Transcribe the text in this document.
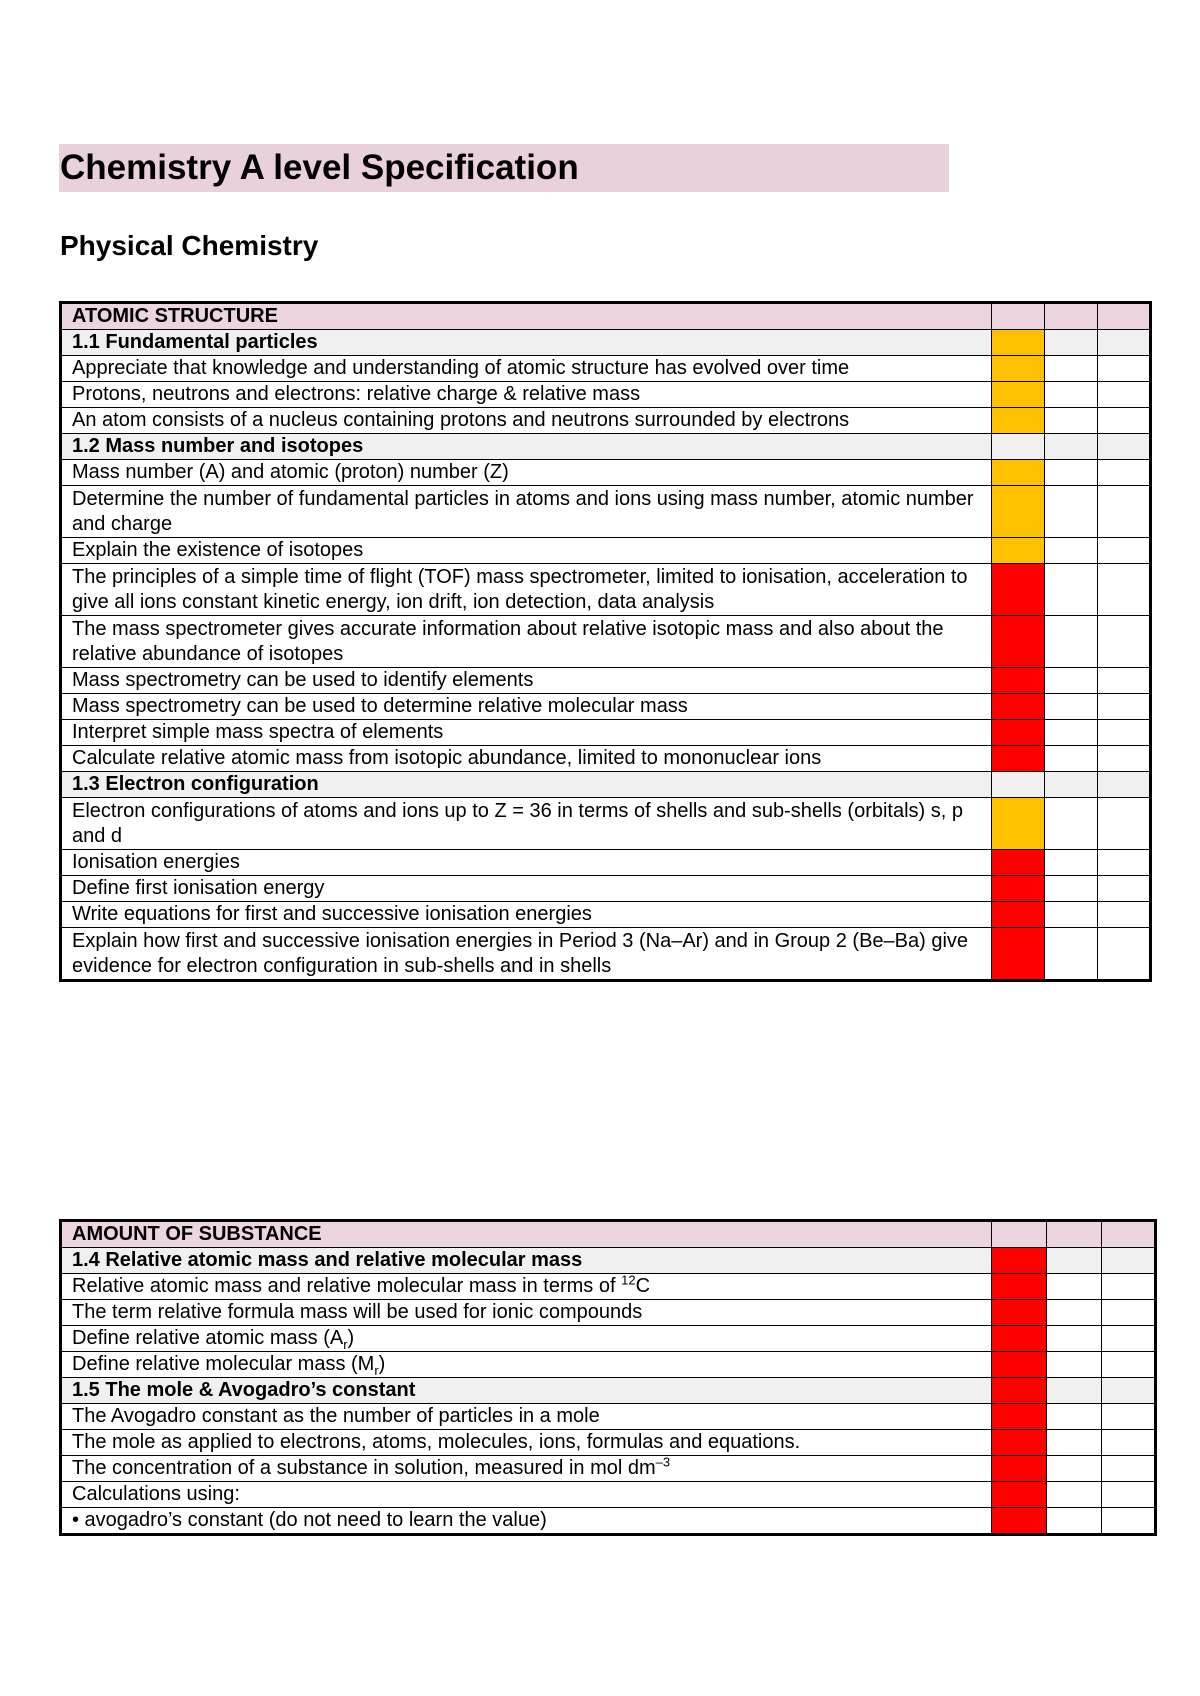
Chemistry A level Specification
Physical Chemistry
ATOMIC STRUCTURE			
1.1 Fundamental particles			
Appreciate that knowledge and understanding of atomic structure has evolved over time			
Protons, neutrons and electrons: relative charge & relative mass			
An atom consists of a nucleus containing protons and neutrons surrounded by electrons			
1.2 Mass number and isotopes			
Mass number (A) and atomic (proton) number (Z)			
Determine the number of fundamental particles in atoms and ions using mass number, atomic number and charge			
Explain the existence of isotopes			
The principles of a simple time of flight (TOF) mass spectrometer, limited to ionisation, acceleration to give all ions constant kinetic energy, ion drift, ion detection, data analysis			
The mass spectrometer gives accurate information about relative isotopic mass and also about the relative abundance of isotopes			
Mass spectrometry can be used to identify elements			
Mass spectrometry can be used to determine relative molecular mass			
Interpret simple mass spectra of elements			
Calculate relative atomic mass from isotopic abundance, limited to mononuclear ions			
1.3 Electron configuration			
Electron configurations of atoms and ions up to Z = 36 in terms of shells and sub-shells (orbitals) s, p and d			
Ionisation energies			
Define first ionisation energy			
Write equations for first and successive ionisation energies			
Explain how first and successive ionisation energies in Period 3 (Na–Ar) and in Group 2 (Be–Ba) give evidence for electron configuration in sub-shells and in shells			
AMOUNT OF SUBSTANCE			
1.4 Relative atomic mass and relative molecular mass			
Relative atomic mass and relative molecular mass in terms of $^{12}$C			
The term relative formula mass will be used for ionic compounds			
Define relative atomic mass $(A_r)$			
Define relative molecular mass $(M_r)$			
1.5 The mole & Avogadro’s constant			
The Avogadro constant as the number of particles in a mole			
The mole as applied to electrons, atoms, molecules, ions, formulas and equations.			
The concentration of a substance in solution, measured in mol $dm^{-3}$			
Calculations using:			
• avogadro’s constant (do not need to learn the value)			
